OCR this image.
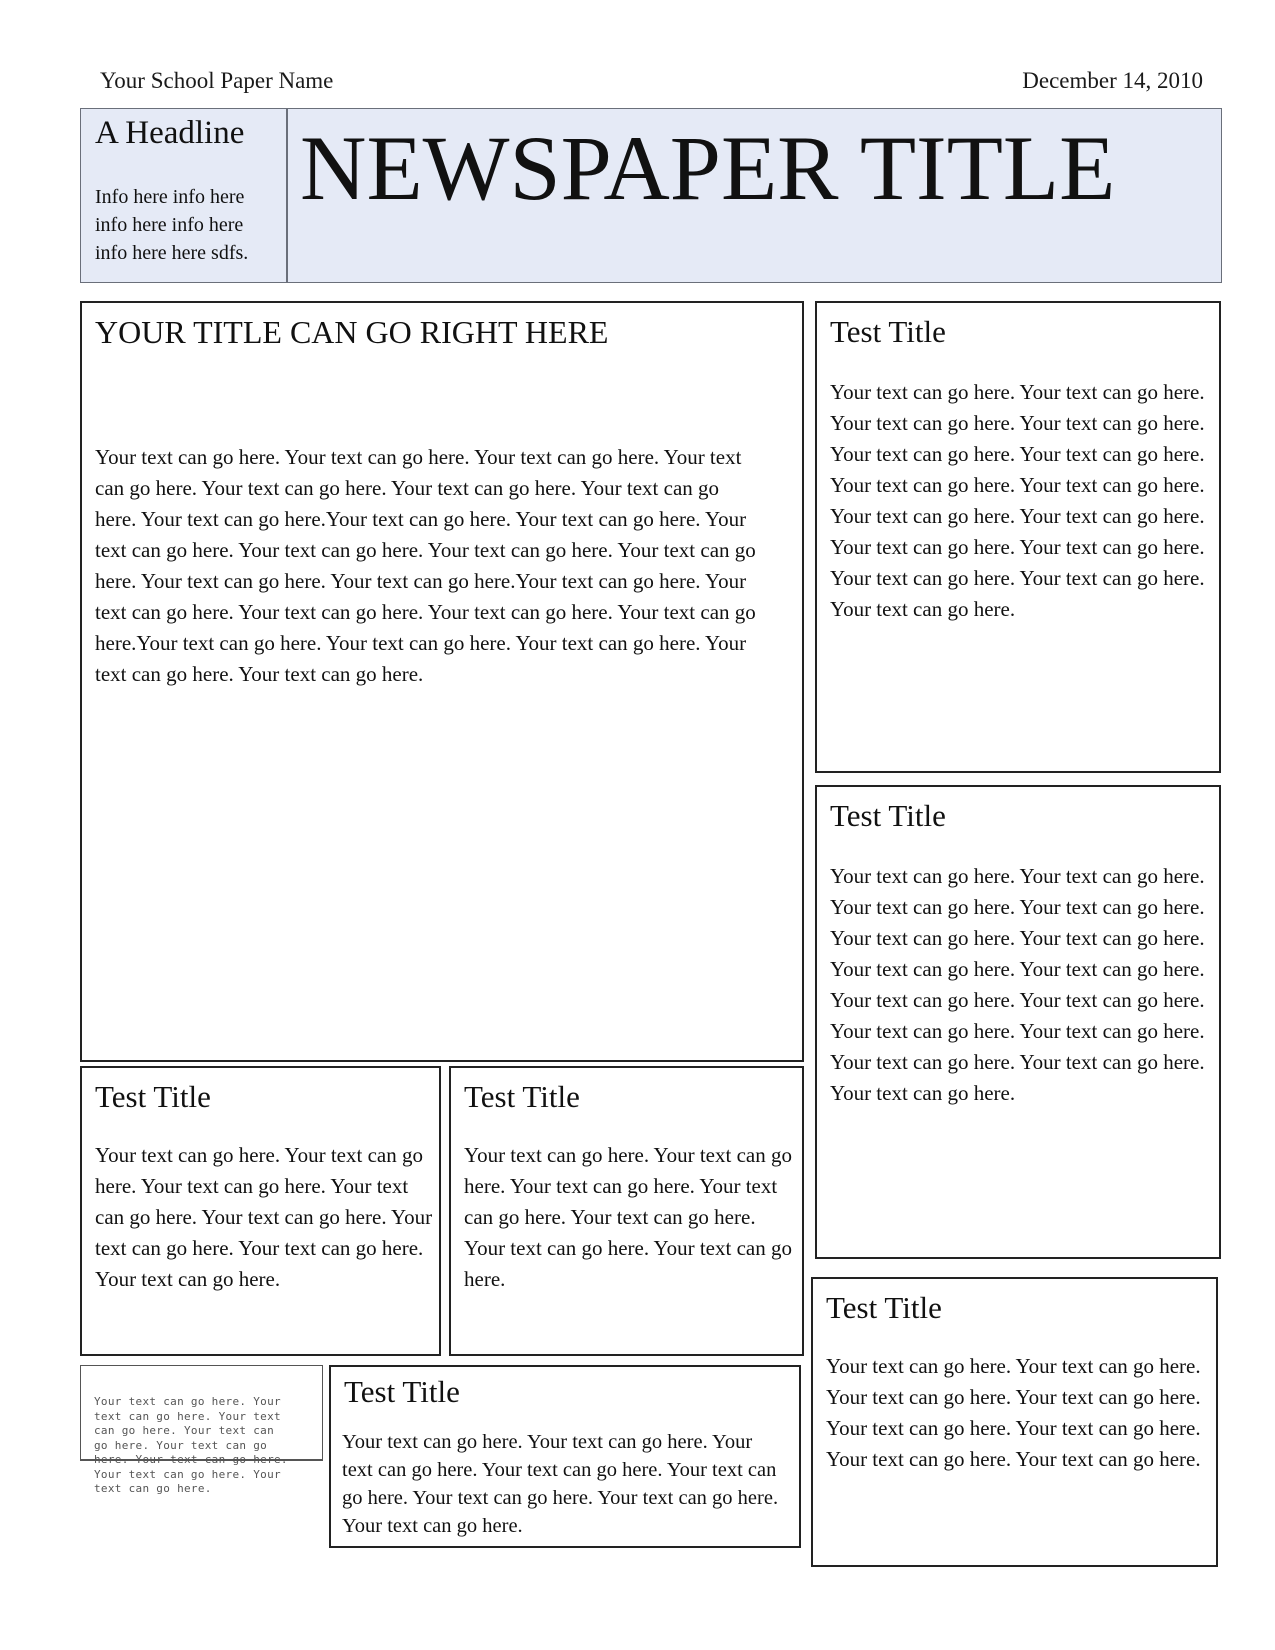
Your School Paper Name	December 14, 2010
A Headline
Info here info here info here info here info here here sdfs.
NEWSPAPER TITLE
YOUR TITLE CAN GO RIGHT HERE
Your text can go here. Your text can go here. Your text can go here. Your text can go here. Your text can go here. Your text can go here. Your text can go here. Your text can go here.Your text can go here. Your text can go here. Your text can go here. Your text can go here. Your text can go here. Your text can go here. Your text can go here. Your text can go here.Your text can go here. Your text can go here. Your text can go here. Your text can go here. Your text can go here.Your text can go here. Your text can go here. Your text can go here. Your text can go here. Your text can go here.
Test Title
Your text can go here. Your text can go here. Your text can go here. Your text can go here. Your text can go here. Your text can go here. Your text can go here. Your text can go here. Your text can go here. Your text can go here. Your text can go here. Your text can go here. Your text can go here. Your text can go here. Your text can go here.
Test Title
Your text can go here. Your text can go here. Your text can go here. Your text can go here. Your text can go here. Your text can go here. Your text can go here. Your text can go here. Your text can go here. Your text can go here. Your text can go here. Your text can go here. Your text can go here. Your text can go here. Your text can go here.
Test Title
Your text can go here. Your text can go here. Your text can go here. Your text can go here. Your text can go here. Your text can go here. Your text can go here. Your text can go here.
Test Title
Your text can go here. Your text can go here. Your text can go here. Your text can go here. Your text can go here. Your text can go here. Your text can go here. Your text can go here.
Test Title
Your text can go here. Your text can go here. Your text can go here. Your text can go here. Your text can go here. Your text can go here. Your text can go here.
Your text can go here. Your text can go here. Your text can go here. Your text can go here. Your text can go here. Your text can go here. Your text can go here. Your text can go here.
Test Title
Your text can go here. Your text can go here. Your text can go here. Your text can go here. Your text can go here. Your text can go here. Your text can go here. Your text can go here.
